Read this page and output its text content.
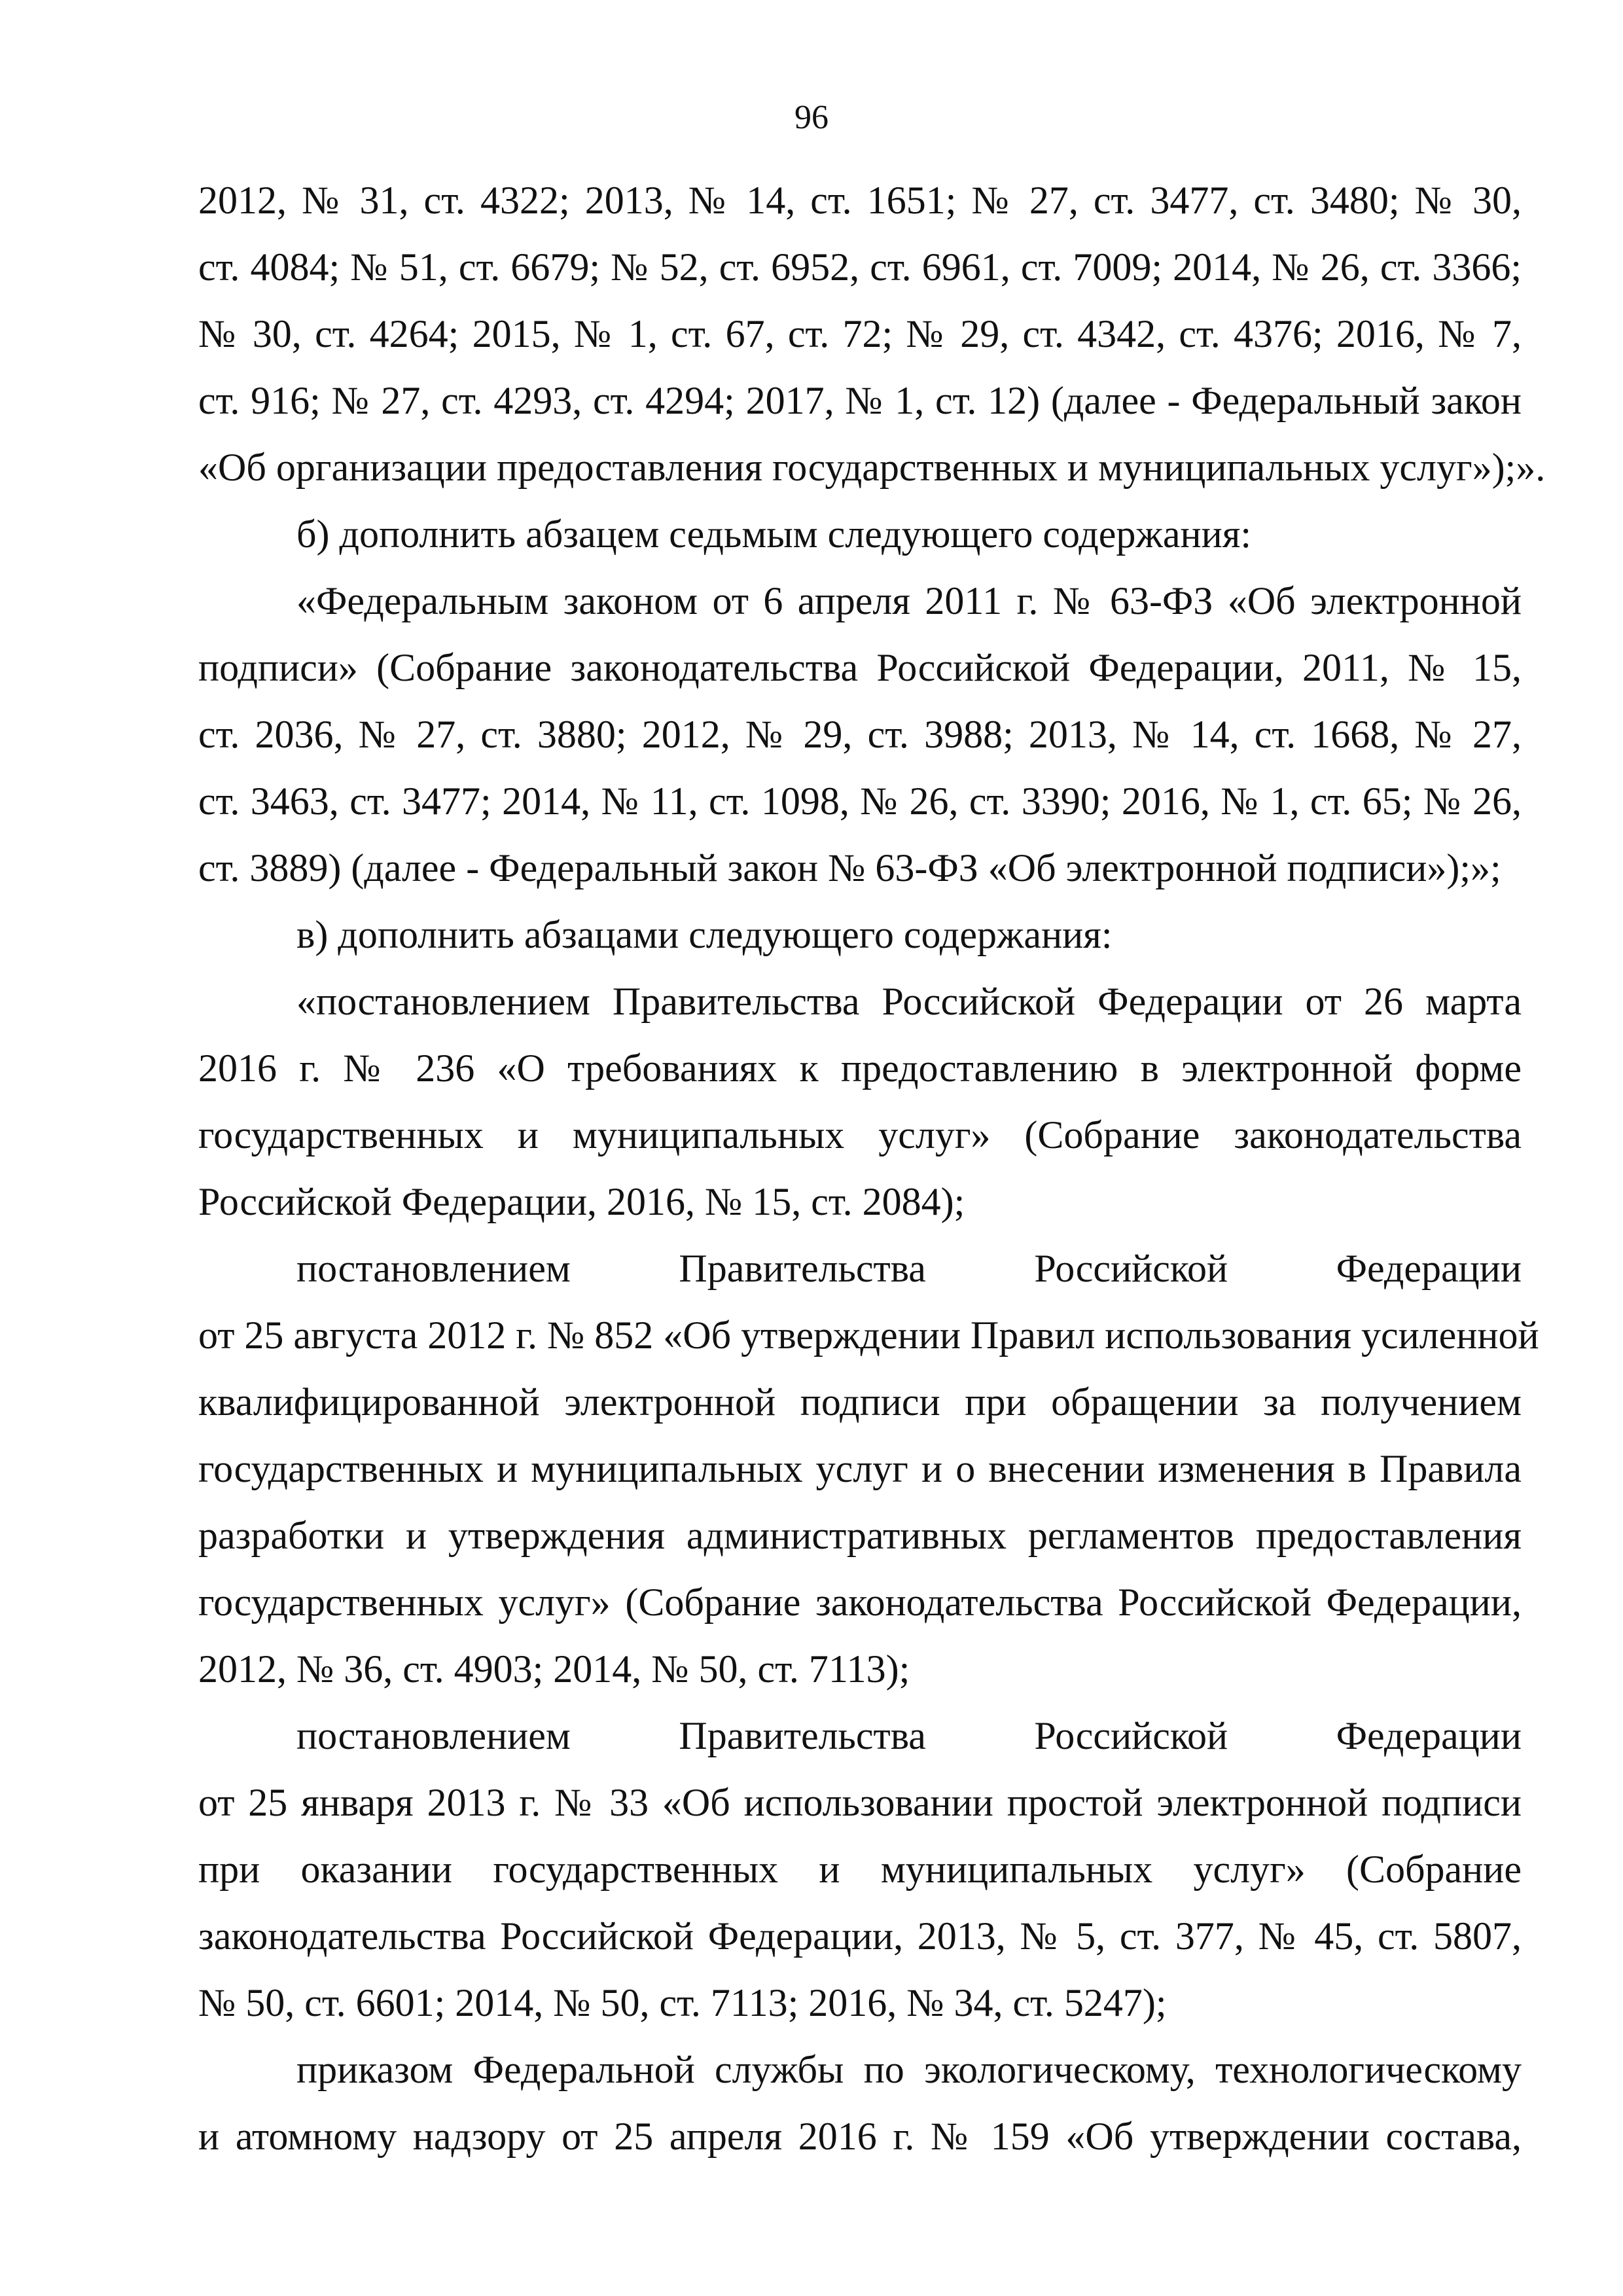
96
2012, № 31, ст. 4322; 2013, № 14, ст. 1651; № 27, ст. 3477, ст. 3480; № 30,
ст. 4084; № 51, ст. 6679; № 52, ст. 6952, ст. 6961, ст. 7009; 2014, № 26, ст. 3366;
№ 30, ст. 4264; 2015, № 1, ст. 67, ст. 72; № 29, ст. 4342, ст. 4376; 2016, № 7,
ст. 916; № 27, ст. 4293, ст. 4294; 2017, № 1, ст. 12) (далее - Федеральный закон
«Об организации предоставления государственных и муниципальных услуг»);».
б) дополнить абзацем седьмым следующего содержания:
«Федеральным законом от 6 апреля 2011 г. № 63-ФЗ «Об электронной
подписи» (Собрание законодательства Российской Федерации, 2011, № 15,
ст. 2036, № 27, ст. 3880; 2012, № 29, ст. 3988; 2013, № 14, ст. 1668, № 27,
ст. 3463, ст. 3477; 2014, № 11, ст. 1098, № 26, ст. 3390; 2016, № 1, ст. 65; № 26,
ст. 3889) (далее - Федеральный закон № 63-ФЗ «Об электронной подписи»);»;
в) дополнить абзацами следующего содержания:
«постановлением Правительства Российской Федерации от 26 марта
2016 г. № 236 «О требованиях к предоставлению в электронной форме
государственных и муниципальных услуг» (Собрание законодательства
Российской Федерации, 2016, № 15, ст. 2084);
постановлением Правительства Российской Федерации
от 25 августа 2012 г. № 852 «Об утверждении Правил использования усиленной
квалифицированной электронной подписи при обращении за получением
государственных и муниципальных услуг и о внесении изменения в Правила
разработки и утверждения административных регламентов предоставления
государственных услуг» (Собрание законодательства Российской Федерации,
2012, № 36, ст. 4903; 2014, № 50, ст. 7113);
постановлением Правительства Российской Федерации
от 25 января 2013 г. № 33 «Об использовании простой электронной подписи
при оказании государственных и муниципальных услуг» (Собрание
законодательства Российской Федерации, 2013, № 5, ст. 377, № 45, ст. 5807,
№ 50, ст. 6601; 2014, № 50, ст. 7113; 2016, № 34, ст. 5247);
приказом Федеральной службы по экологическому, технологическому
и атомному надзору от 25 апреля 2016 г. № 159 «Об утверждении состава,
